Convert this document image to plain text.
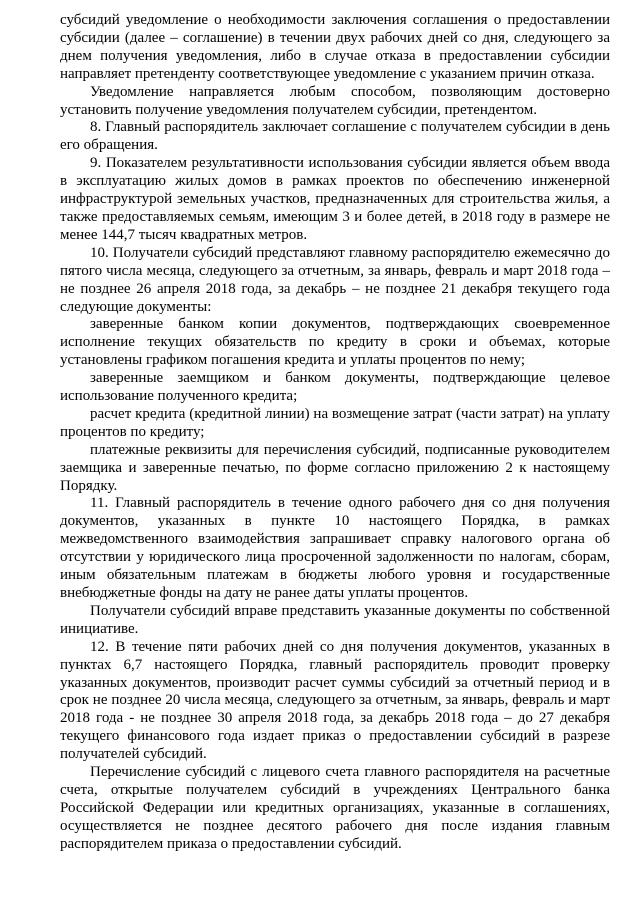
субсидий уведомление о необходимости заключения соглашения о предоставлении субсидии (далее – соглашение) в течении двух рабочих дней со дня, следующего за днем получения уведомления, либо в случае отказа в предоставлении субсидии направляет претенденту соответствующее уведомление с указанием причин отказа.

Уведомление направляется любым способом, позволяющим достоверно установить получение уведомления получателем субсидии, претендентом.

8. Главный распорядитель заключает соглашение с получателем субсидии в день его обращения.

9. Показателем результативности использования субсидии является объем ввода в эксплуатацию жилых домов в рамках проектов по обеспечению инженерной инфраструктурой земельных участков, предназначенных для строительства жилья, а также предоставляемых семьям, имеющим 3 и более детей, в 2018 году в размере не менее 144,7 тысяч квадратных метров.

10. Получатели субсидий представляют главному распорядителю ежемесячно до пятого числа месяца, следующего за отчетным, за январь, февраль и март 2018 года – не позднее 26 апреля 2018 года, за декабрь – не позднее 21 декабря текущего года следующие документы:

заверенные банком копии документов, подтверждающих своевременное исполнение текущих обязательств по кредиту в сроки и объемах, которые установлены графиком погашения кредита и уплаты процентов по нему;

заверенные заемщиком и банком документы, подтверждающие целевое использование полученного кредита;

расчет кредита (кредитной линии) на возмещение затрат (части затрат) на уплату процентов по кредиту;

платежные реквизиты для перечисления субсидий, подписанные руководителем заемщика и заверенные печатью, по форме согласно приложению 2 к настоящему Порядку.

11. Главный распорядитель в течение одного рабочего дня со дня получения документов, указанных в пункте 10 настоящего Порядка, в рамках межведомственного взаимодействия запрашивает справку налогового органа об отсутствии у юридического лица просроченной задолженности по налогам, сборам, иным обязательным платежам в бюджеты любого уровня и государственные внебюджетные фонды на дату не ранее даты уплаты процентов.

Получатели субсидий вправе представить указанные документы по собственной инициативе.

12. В течение пяти рабочих дней со дня получения документов, указанных в пунктах 6,7 настоящего Порядка, главный распорядитель проводит проверку указанных документов, производит расчет суммы субсидий за отчетный период и в срок не позднее 20 числа месяца, следующего за отчетным, за январь, февраль и март 2018 года - не позднее 30 апреля 2018 года, за декабрь 2018 года – до 27 декабря текущего финансового года издает приказ о предоставлении субсидий в разрезе получателей субсидий.

Перечисление субсидий с лицевого счета главного распорядителя на расчетные счета, открытые получателем субсидий в учреждениях Центрального банка Российской Федерации или кредитных организациях, указанные в соглашениях, осуществляется не позднее десятого рабочего дня после издания главным распорядителем приказа о предоставлении субсидий.
